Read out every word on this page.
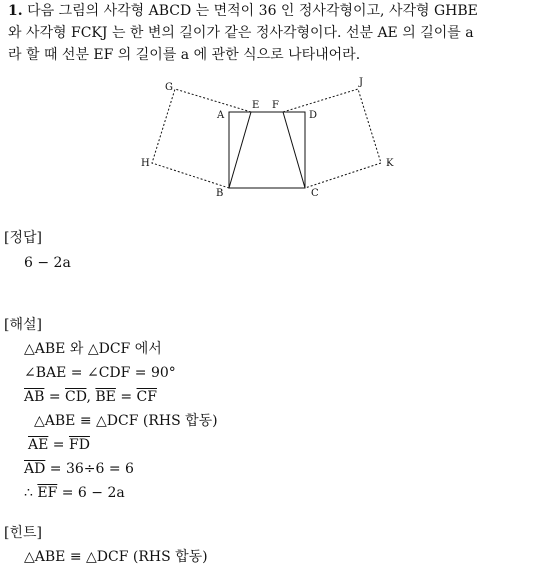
1. 다음 그림의 사각형 ABCD 는 면적이 36 인 정사각형이고, 사각형 GHBE
와 사각형 FCKJ 는 한 변의 길이가 같은 정사각형이다. 선분 AE 의 길이를 a
라 할 때 선분 EF 의 길이를 a 에 관한 식으로 나타내어라.
G	J
E F
A	D
H	K
B	C
[정답]
6 − 2a
[해설]
△ABE 와 △DCF 에서
∠BAE = ∠CDF = 90°
$\overline{AB} = \overline{CD}$, $\overline{BE} = \overline{CF}$
△ABE ≡ △DCF (RHS 합동)
$\overline{AE} = \overline{FD}$
$\overline{AD} = 36\div 6 = 6$
∴ $\overline{EF} = 6 - 2a$
[힌트]
△ABE ≡ △DCF (RHS 합동)
